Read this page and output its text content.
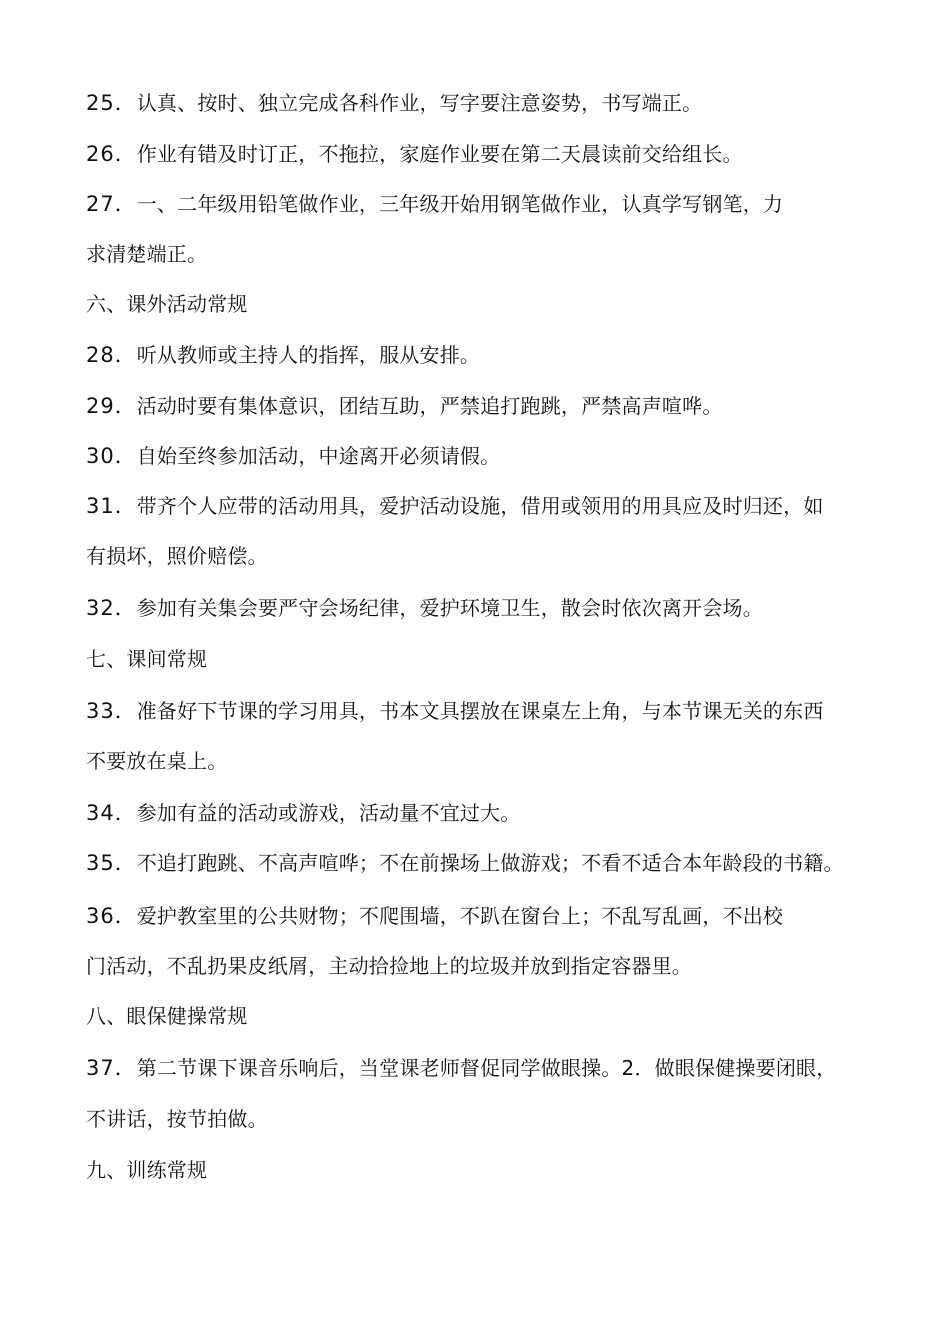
25．认真、按时、独立完成各科作业，写字要注意姿势，书写端正。
26．作业有错及时订正，不拖拉，家庭作业要在第二天晨读前交给组长。
27．一、二年级用铅笔做作业，三年级开始用钢笔做作业，认真学写钢笔，力
求清楚端正。
六、课外活动常规
28．听从教师或主持人的指挥，服从安排。
29．活动时要有集体意识，团结互助，严禁追打跑跳，严禁高声喧哗。
30．自始至终参加活动，中途离开必须请假。
31．带齐个人应带的活动用具，爱护活动设施，借用或领用的用具应及时归还，如
有损坏，照价赔偿。
32．参加有关集会要严守会场纪律，爱护环境卫生，散会时依次离开会场。
七、课间常规
33．准备好下节课的学习用具，书本文具摆放在课桌左上角，与本节课无关的东西
不要放在桌上。
34．参加有益的活动或游戏，活动量不宜过大。
35．不追打跑跳、不高声喧哗；不在前操场上做游戏；不看不适合本年龄段的书籍。
36．爱护教室里的公共财物；不爬围墙，不趴在窗台上；不乱写乱画，不出校
门活动，不乱扔果皮纸屑，主动拾捡地上的垃圾并放到指定容器里。
八、眼保健操常规
37．第二节课下课音乐响后，当堂课老师督促同学做眼操。2．做眼保健操要闭眼，
不讲话，按节拍做。
九、训练常规
